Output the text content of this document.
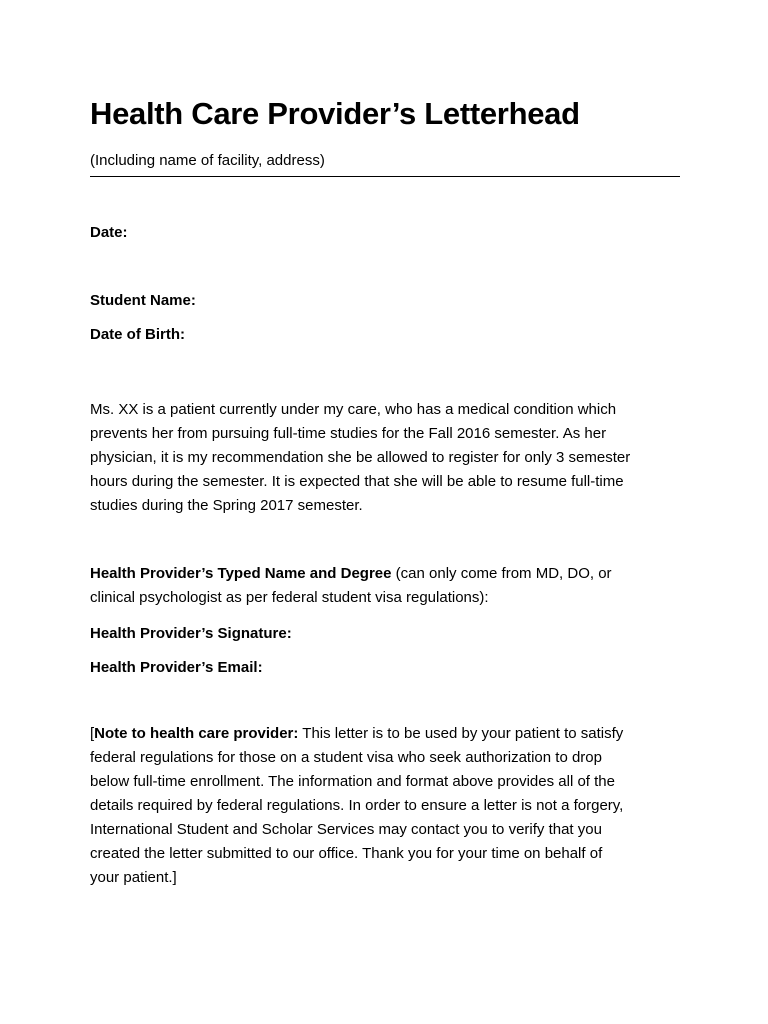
Health Care Provider’s Letterhead
(Including name of facility, address)
Date:
Student Name:
Date of Birth:
Ms. XX is a patient currently under my care, who has a medical condition which
prevents her from pursuing full-time studies for the Fall 2016 semester. As her
physician, it is my recommendation she be allowed to register for only 3 semester
hours during the semester. It is expected that she will be able to resume full-time
studies during the Spring 2017 semester.
Health Provider’s Typed Name and Degree (can only come from MD, DO, or
clinical psychologist as per federal student visa regulations):
Health Provider’s Signature:
Health Provider’s Email:
[Note to health care provider: This letter is to be used by your patient to satisfy
federal regulations for those on a student visa who seek authorization to drop
below full-time enrollment. The information and format above provides all of the
details required by federal regulations. In order to ensure a letter is not a forgery,
International Student and Scholar Services may contact you to verify that you
created the letter submitted to our office. Thank you for your time on behalf of
your patient.]
